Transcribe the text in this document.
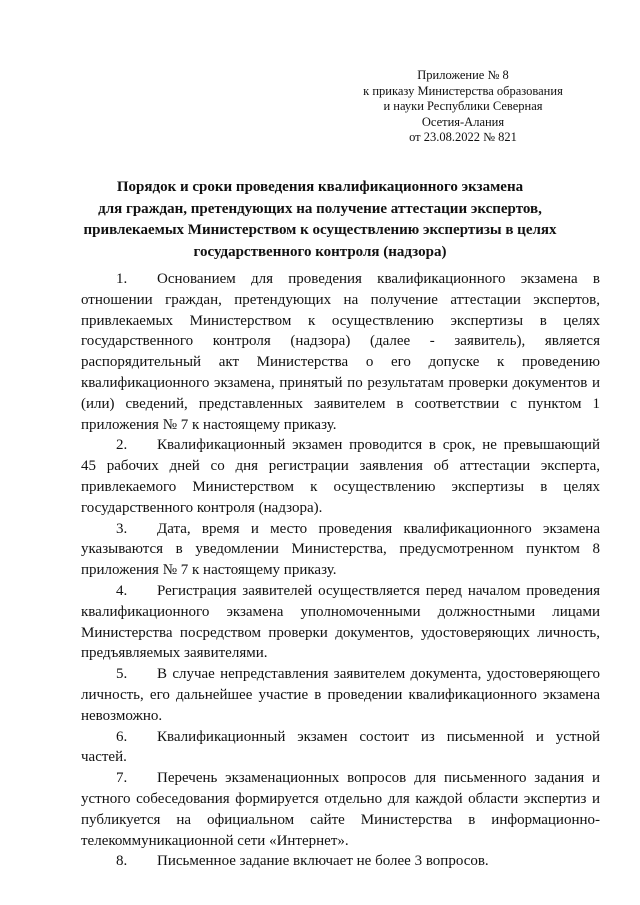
Приложение № 8
к приказу Министерства образования
и науки Республики Северная
Осетия-Алания
от 23.08.2022 № 821
Порядок и сроки проведения квалификационного экзамена
для граждан, претендующих на получение аттестации экспертов,
привлекаемых Министерством к осуществлению экспертизы в целях
государственного контроля (надзора)

1. Основанием для проведения квалификационного экзамена в отношении граждан, претендующих на получение аттестации экспертов, привлекаемых Министерством к осуществлению экспертизы в целях государственного контроля (надзора) (далее - заявитель), является распорядительный акт Министерства о его допуске к проведению квалификационного экзамена, принятый по результатам проверки документов и (или) сведений, представленных заявителем в соответствии с пунктом 1 приложения № 7 к настоящему приказу.

2. Квалификационный экзамен проводится в срок, не превышающий 45 рабочих дней со дня регистрации заявления об аттестации эксперта, привлекаемого Министерством к осуществлению экспертизы в целях государственного контроля (надзора).

3. Дата, время и место проведения квалификационного экзамена указываются в уведомлении Министерства, предусмотренном пунктом 8 приложения № 7 к настоящему приказу.

4. Регистрация заявителей осуществляется перед началом проведения квалификационного экзамена уполномоченными должностными лицами Министерства посредством проверки документов, удостоверяющих личность, предъявляемых заявителями.

5. В случае непредставления заявителем документа, удостоверяющего личность, его дальнейшее участие в проведении квалификационного экзамена невозможно.

6. Квалификационный экзамен состоит из письменной и устной частей.

7. Перечень экзаменационных вопросов для письменного задания и устного собеседования формируется отдельно для каждой области экспертиз и публикуется на официальном сайте Министерства в информационно-телекоммуникационной сети «Интернет».

8. Письменное задание включает не более 3 вопросов.
